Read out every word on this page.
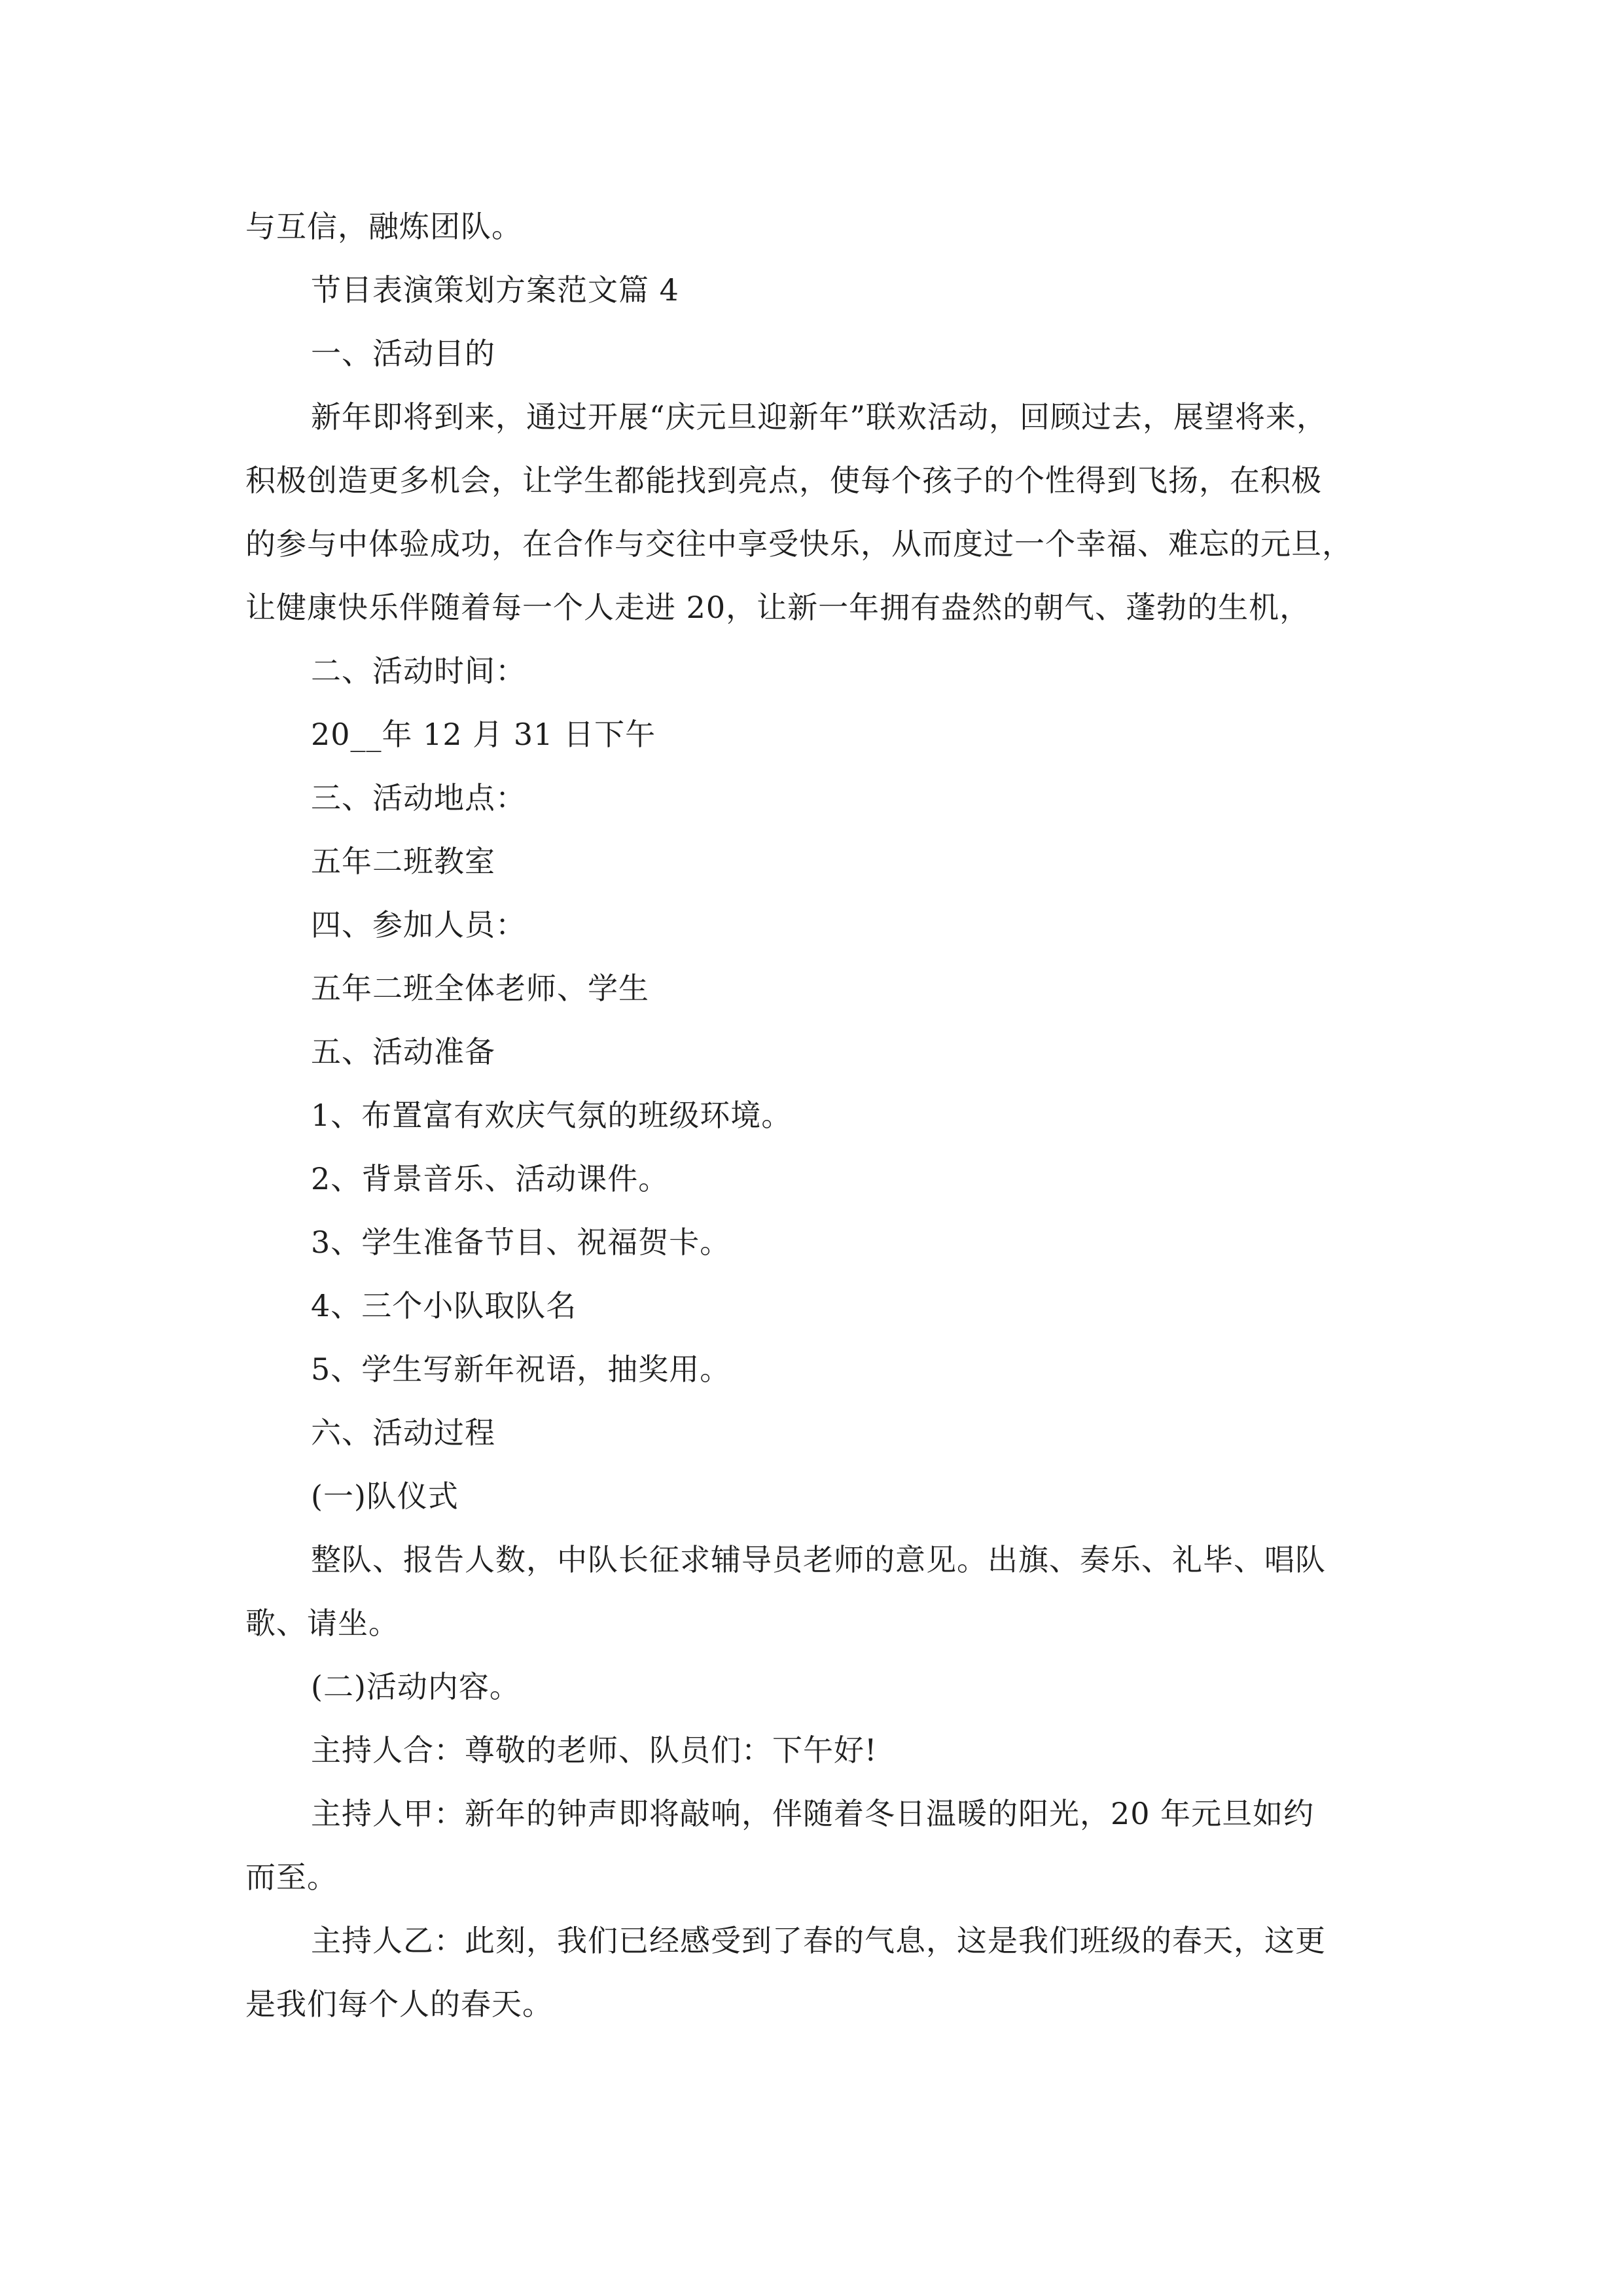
与互信，融炼团队。

节目表演策划方案范文篇 4

一、活动目的

新年即将到来，通过开展“庆元旦迎新年”联欢活动，回顾过去，展望将来，

积极创造更多机会，让学生都能找到亮点，使每个孩子的个性得到飞扬，在积极

的参与中体验成功，在合作与交往中享受快乐，从而度过一个幸福、难忘的元旦，

让健康快乐伴随着每一个人走进 20，让新一年拥有盎然的朝气、蓬勃的生机，

二、活动时间：

20__年 12 月 31 日下午

三、活动地点：

五年二班教室

四、参加人员：

五年二班全体老师、学生

五、活动准备

1、布置富有欢庆气氛的班级环境。

2、背景音乐、活动课件。

3、学生准备节目、祝福贺卡。

4、三个小队取队名

5、学生写新年祝语，抽奖用。

六、活动过程

(一)队仪式

整队、报告人数，中队长征求辅导员老师的意见。出旗、奏乐、礼毕、唱队

歌、请坐。

(二)活动内容。

主持人合：尊敬的老师、队员们：下午好!

主持人甲：新年的钟声即将敲响，伴随着冬日温暖的阳光，20 年元旦如约

而至。

主持人乙：此刻，我们已经感受到了春的气息，这是我们班级的春天，这更

是我们每个人的春天。
